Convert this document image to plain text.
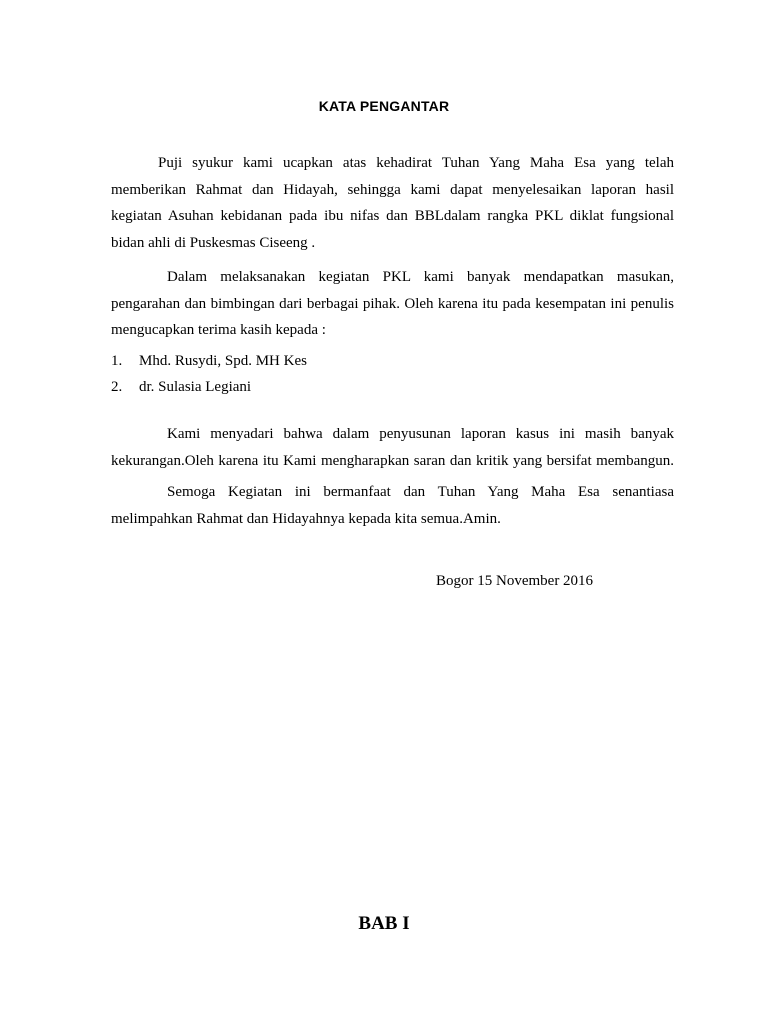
KATA PENGANTAR
Puji syukur kami ucapkan atas kehadirat Tuhan Yang Maha Esa yang telah
memberikan Rahmat dan Hidayah, sehingga kami dapat menyelesaikan laporan hasil
kegiatan Asuhan kebidanan pada ibu nifas dan BBLdalam rangka PKL diklat fungsional
bidan ahli di Puskesmas Ciseeng .
Dalam melaksanakan kegiatan PKL kami banyak mendapatkan masukan,
pengarahan dan bimbingan dari berbagai pihak. Oleh karena itu pada kesempatan ini penulis
mengucapkan terima kasih kepada :
1.	Mhd. Rusydi, Spd. MH Kes
2.	dr. Sulasia Legiani
Kami menyadari bahwa dalam penyusunan laporan kasus ini masih banyak
kekurangan.Oleh karena itu Kami mengharapkan saran dan kritik yang bersifat membangun.
Semoga Kegiatan ini bermanfaat dan Tuhan Yang Maha Esa senantiasa
melimpahkan Rahmat dan Hidayahnya kepada kita semua.Amin.
Bogor 15 November 2016
BAB I
